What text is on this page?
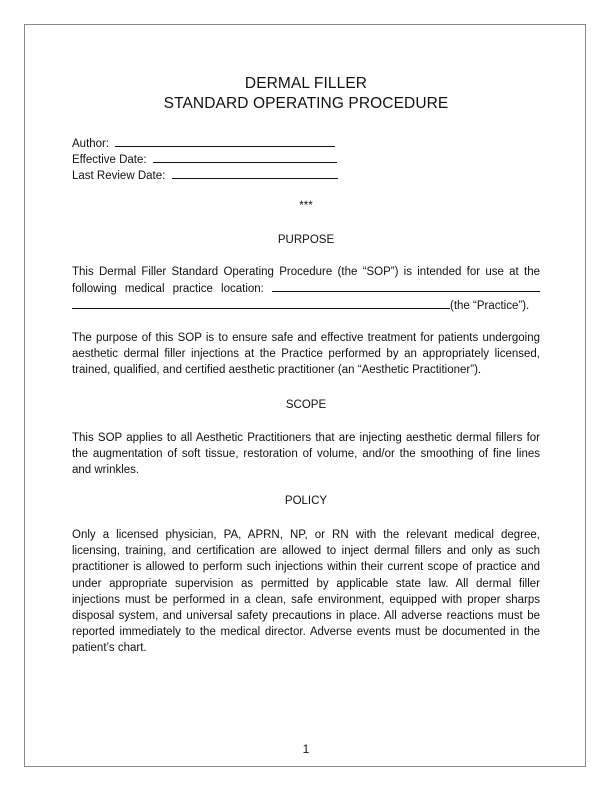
DERMAL FILLER
STANDARD OPERATING PROCEDURE
Author:
Effective Date:
Last Review Date:
***
PURPOSE
This Dermal Filler Standard Operating Procedure (the “SOP”) is intended for use at the following medical practice location: (the “Practice”).
The purpose of this SOP is to ensure safe and effective treatment for patients undergoing aesthetic dermal filler injections at the Practice performed by an appropriately licensed, trained, qualified, and certified aesthetic practitioner (an “Aesthetic Practitioner”).
SCOPE
This SOP applies to all Aesthetic Practitioners that are injecting aesthetic dermal fillers for the augmentation of soft tissue, restoration of volume, and/or the smoothing of fine lines and wrinkles.
POLICY
Only a licensed physician, PA, APRN, NP, or RN with the relevant medical degree, licensing, training, and certification are allowed to inject dermal fillers and only as such practitioner is allowed to perform such injections within their current scope of practice and under appropriate supervision as permitted by applicable state law. All dermal filler injections must be performed in a clean, safe environment, equipped with proper sharps disposal system, and universal safety precautions in place. All adverse reactions must be reported immediately to the medical director. Adverse events must be documented in the patient’s chart.
1
